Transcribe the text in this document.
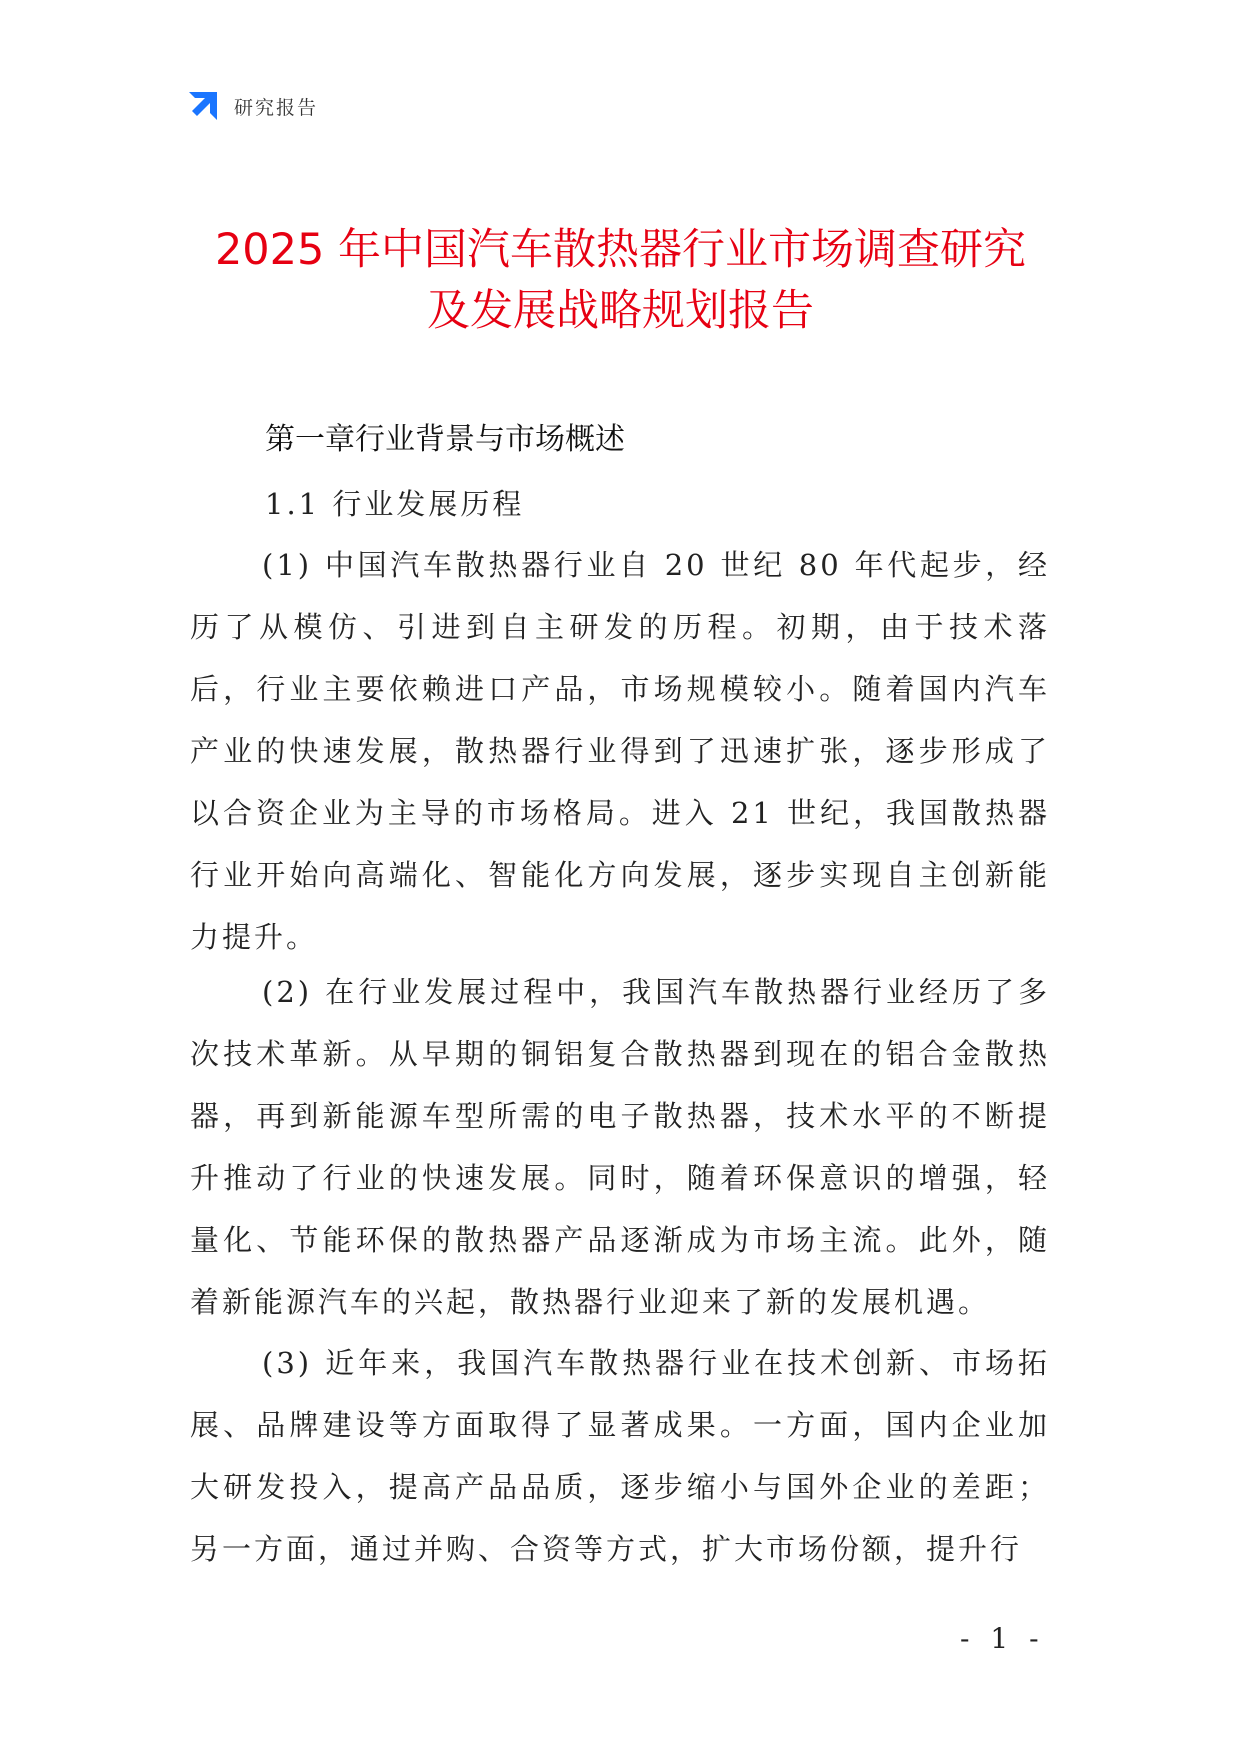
研究报告
2025 年中国汽车散热器行业市场调查研究
及发展战略规划报告
第一章行业背景与市场概述
1.1 行业发展历程

(1) 中国汽车散热器行业自 20 世纪 80 年代起步，经历了从模仿、引进到自主研发的历程。初期，由于技术落后，行业主要依赖进口产品，市场规模较小。随着国内汽车产业的快速发展，散热器行业得到了迅速扩张，逐步形成了以合资企业为主导的市场格局。进入 21 世纪，我国散热器行业开始向高端化、智能化方向发展，逐步实现自主创新能力提升。

(2) 在行业发展过程中，我国汽车散热器行业经历了多次技术革新。从早期的铜铝复合散热器到现在的铝合金散热器，再到新能源车型所需的电子散热器，技术水平的不断提升推动了行业的快速发展。同时，随着环保意识的增强，轻量化、节能环保的散热器产品逐渐成为市场主流。此外，随着新能源汽车的兴起，散热器行业迎来了新的发展机遇。

(3) 近年来，我国汽车散热器行业在技术创新、市场拓展、品牌建设等方面取得了显著成果。一方面，国内企业加大研发投入，提高产品品质，逐步缩小与国外企业的差距；另一方面，通过并购、合资等方式，扩大市场份额，提升行

- 1 -
